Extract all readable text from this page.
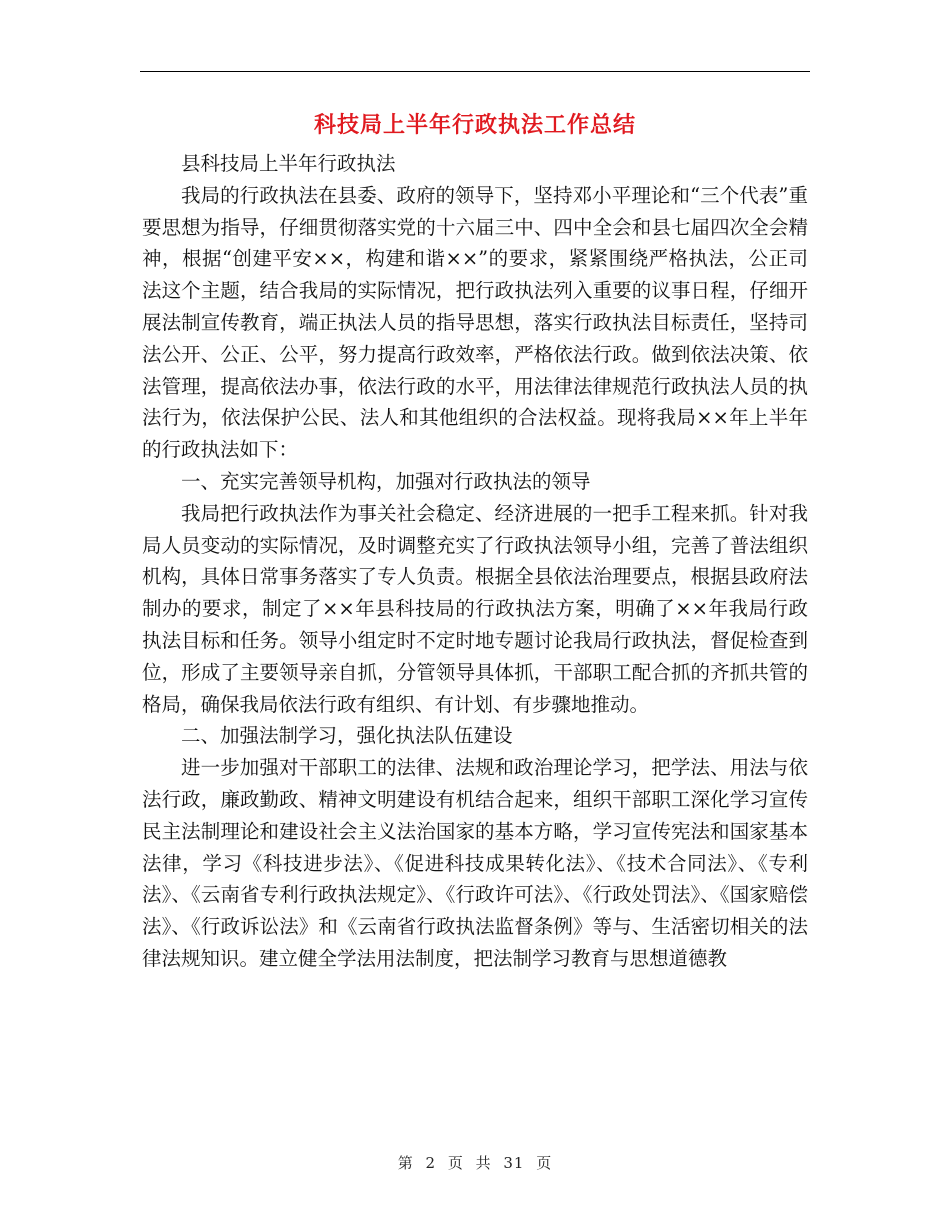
科技局上半年行政执法工作总结

县科技局上半年行政执法

我局的行政执法在县委、政府的领导下，坚持邓小平理论和“三个代表”重要思想为指导，仔细贯彻落实党的十六届三中、四中全会和县七届四次全会精神，根据“创建平安××，构建和谐××”的要求，紧紧围绕严格执法，公正司法这个主题，结合我局的实际情况，把行政执法列入重要的议事日程，仔细开展法制宣传教育，端正执法人员的指导思想，落实行政执法目标责任，坚持司法公开、公正、公平，努力提高行政效率，严格依法行政。做到依法决策、依法管理，提高依法办事，依法行政的水平，用法律法律规范行政执法人员的执法行为，依法保护公民、法人和其他组织的合法权益。现将我局××年上半年的行政执法如下：

一、充实完善领导机构，加强对行政执法的领导

我局把行政执法作为事关社会稳定、经济进展的一把手工程来抓。针对我局人员变动的实际情况，及时调整充实了行政执法领导小组，完善了普法组织机构，具体日常事务落实了专人负责。根据全县依法治理要点，根据县政府法制办的要求，制定了××年县科技局的行政执法方案，明确了××年我局行政执法目标和任务。领导小组定时不定时地专题讨论我局行政执法，督促检查到位，形成了主要领导亲自抓，分管领导具体抓，干部职工配合抓的齐抓共管的格局，确保我局依法行政有组织、有计划、有步骤地推动。

二、加强法制学习，强化执法队伍建设

进一步加强对干部职工的法律、法规和政治理论学习，把学法、用法与依法行政，廉政勤政、精神文明建设有机结合起来，组织干部职工深化学习宣传民主法制理论和建设社会主义法治国家的基本方略，学习宣传宪法和国家基本法律，学习《科技进步法》、《促进科技成果转化法》、《技术合同法》、《专利法》、《云南省专利行政执法规定》、《行政许可法》、《行政处罚法》、《国家赔偿法》、《行政诉讼法》和《云南省行政执法监督条例》等与、生活密切相关的法律法规知识。建立健全学法用法制度，把法制学习教育与思想道德教

第 2 页 共 31 页
